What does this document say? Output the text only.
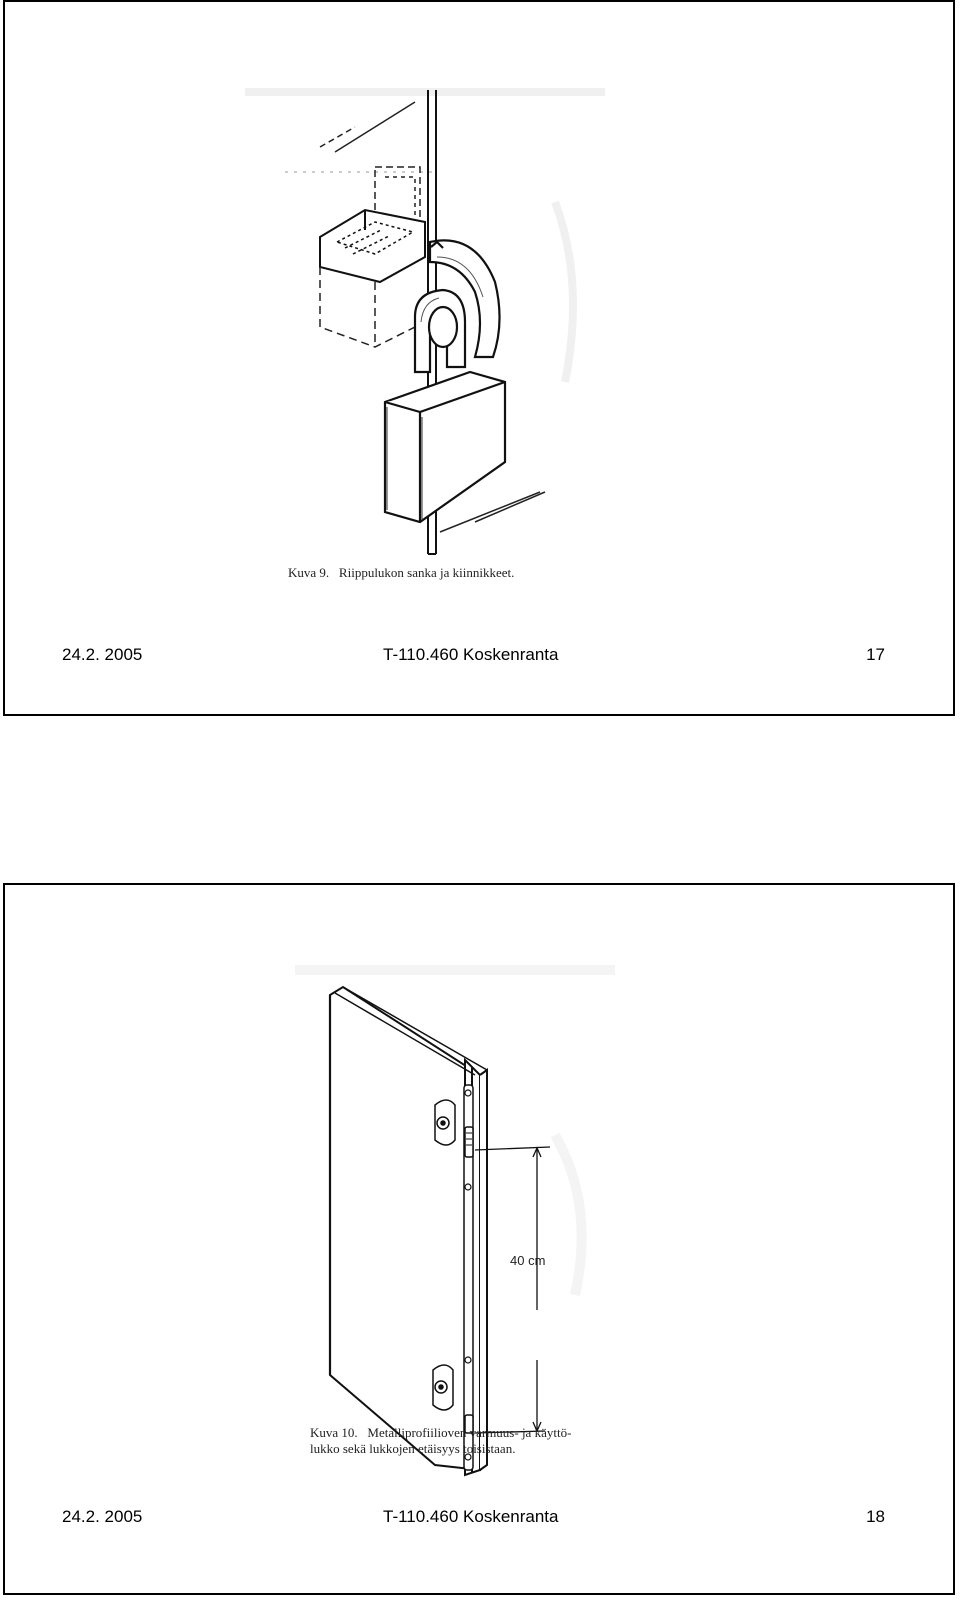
Kuva 9. Riippulukon sanka ja kiinnikkeet.
24.2. 2005	T-110.460 Koskenranta	17
40 cm
Kuva 10. Metalliprofiilioven varmuus- ja käyttö-
lukko sekä lukkojen etäisyys toisistaan.
24.2. 2005	T-110.460 Koskenranta	18
